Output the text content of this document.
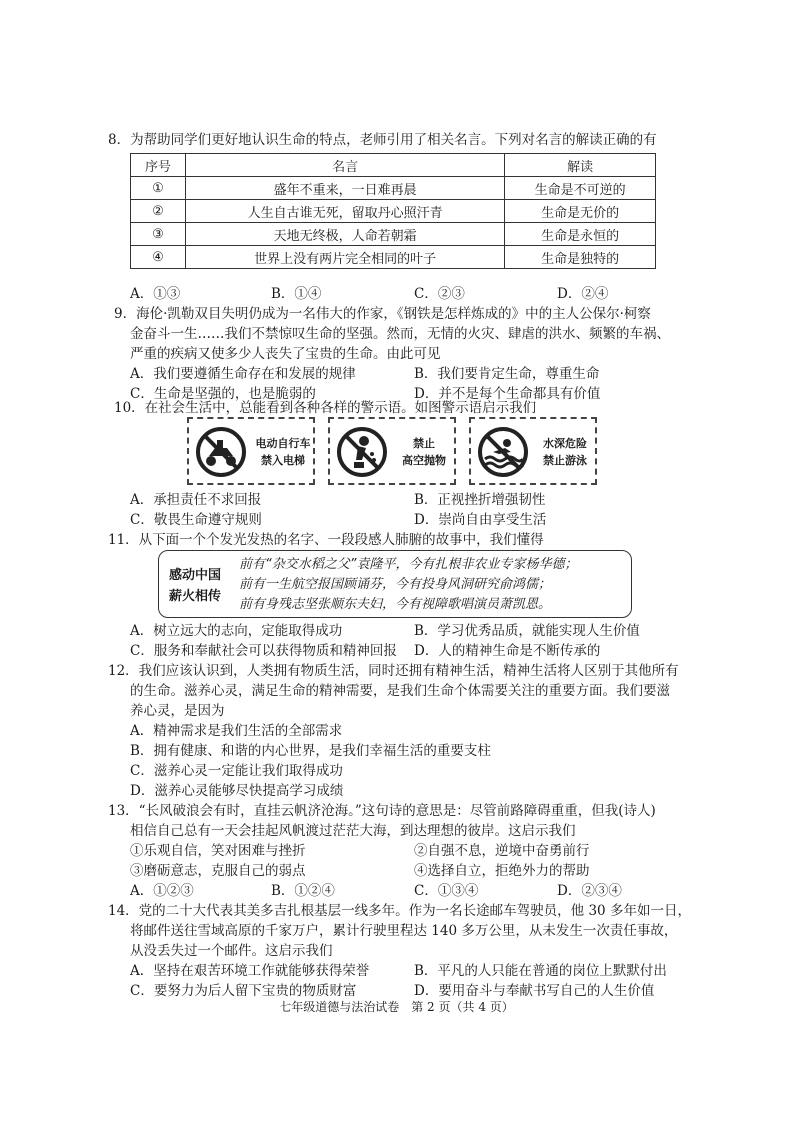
8．为帮助同学们更好地认识生命的特点，老师引用了相关名言。下列对名言的解读正确的有
序号	名言	解读
①	盛年不重来，一日难再晨	生命是不可逆的
②	人生自古谁无死，留取丹心照汗青	生命是无价的
③	天地无终极，人命若朝霜	生命是永恒的
④	世界上没有两片完全相同的叶子	生命是独特的
A．①③	B．①④	C．②③	D．②④
9．海伦·凯勒双目失明仍成为一名伟大的作家，《钢铁是怎样炼成的》中的主人公保尔·柯察
金奋斗一生……我们不禁惊叹生命的坚强。然而，无情的火灾、肆虐的洪水、频繁的车祸、
严重的疾病又使多少人丧失了宝贵的生命。由此可见
A．我们要遵循生命存在和发展的规律	B．我们要肯定生命，尊重生命
C．生命是坚强的，也是脆弱的	D．并不是每个生命都具有价值
10．在社会生活中，总能看到各种各样的警示语。如图警示语启示我们
电动自行车
禁入电梯
禁止
高空抛物
水深危险
禁止游泳
A．承担责任不求回报	B．正视挫折增强韧性
C．敬畏生命遵守规则	D．崇尚自由享受生活
11．从下面一个个发光发热的名字、一段段感人肺腑的故事中，我们懂得
感动中国
薪火相传
前有“杂交水稻之父”袁隆平，今有扎根非农业专家杨华德；
前有一生航空报国顾诵芬，今有投身风洞研究俞鸿儒；
前有身残志坚张顺东夫妇，今有视障歌唱演员萧凯恩。
A．树立远大的志向，定能取得成功	B．学习优秀品质，就能实现人生价值
C．服务和奉献社会可以获得物质和精神回报 D．人的精神生命是不断传承的
12．我们应该认识到，人类拥有物质生活，同时还拥有精神生活，精神生活将人区别于其他所有
的生命。滋养心灵，满足生命的精神需要，是我们生命个体需要关注的重要方面。我们要滋
养心灵，是因为
A．精神需求是我们生活的全部需求
B．拥有健康、和谐的内心世界，是我们幸福生活的重要支柱
C．滋养心灵一定能让我们取得成功
D．滋养心灵能够尽快提高学习成绩
13．“长风破浪会有时，直挂云帆济沧海。”这句诗的意思是：尽管前路障碍重重，但我(诗人)
相信自己总有一天会挂起风帆渡过茫茫大海，到达理想的彼岸。这启示我们
①乐观自信，笑对困难与挫折	②自强不息，逆境中奋勇前行
③磨砺意志，克服自己的弱点	④选择自立，拒绝外力的帮助
A．①②③	B．①②④	C．①③④	D．②③④
14．党的二十大代表其美多吉扎根基层一线多年。作为一名长途邮车驾驶员，他 30 多年如一日，
将邮件送往雪域高原的千家万户，累计行驶里程达 140 多万公里，从未发生一次责任事故，
从没丢失过一个邮件。这启示我们
A．坚持在艰苦环境工作就能够获得荣誉	B．平凡的人只能在普通的岗位上默默付出
C．要努力为后人留下宝贵的物质财富	D．要用奋斗与奉献书写自己的人生价值
七年级道德与法治试卷　第 2 页（共 4 页）
